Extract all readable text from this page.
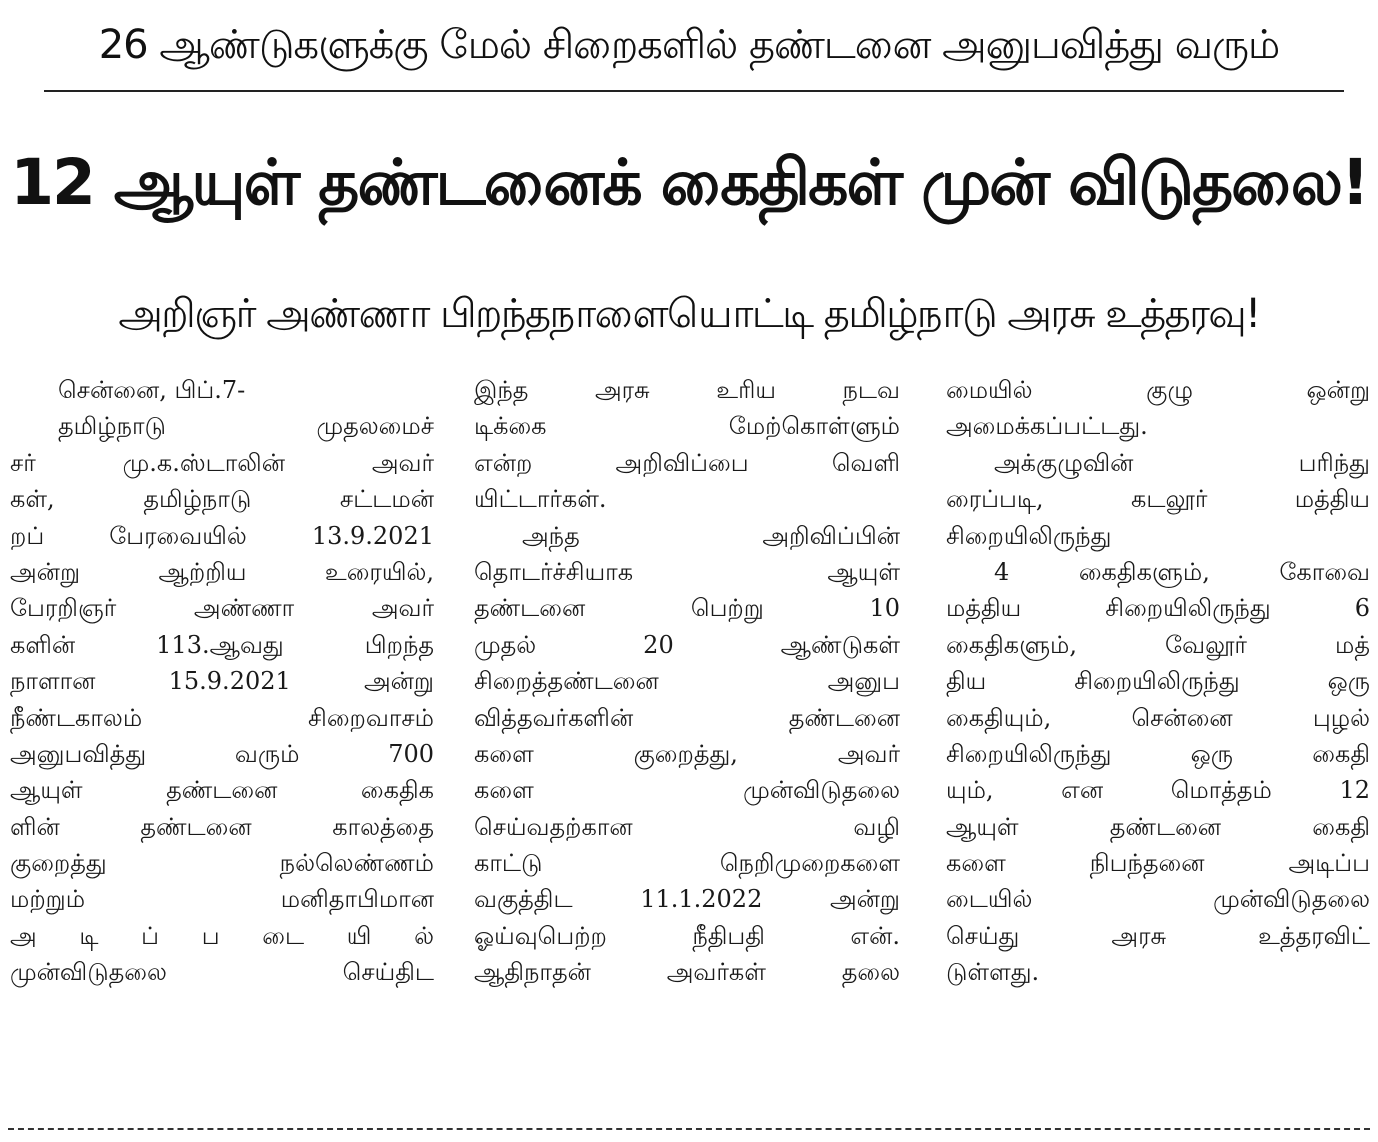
26 ஆண்டுகளுக்கு மேல் சிறைகளில் தண்டனை அனுபவித்து வரும்
12 ஆயுள் தண்டனைக் கைதிகள் முன் விடுதலை!
அறிஞர் அண்ணா பிறந்தநாளையொட்டி தமிழ்நாடு அரசு உத்தரவு!
சென்னை, பிப்.7-
தமிழ்நாடு முதலமைச்
சர் மு.க.ஸ்டாலின் அவர்
கள், தமிழ்நாடு சட்டமன்
றப் பேரவையில் 13.9.2021
அன்று ஆற்றிய உரையில்,
பேரறிஞர் அண்ணா அவர்
களின் 113.ஆவது பிறந்த
நாளான 15.9.2021 அன்று
நீண்டகாலம் சிறைவாசம்
அனுபவித்து வரும் 700
ஆயுள் தண்டனை கைதிக
ளின் தண்டனை காலத்தை
குறைத்து நல்லெண்ணம்
மற்றும் மனிதாபிமான
அ டி ப் ப டை யி ல்
முன்விடுதலை செய்திட
இந்த அரசு உரிய நடவ
டிக்கை மேற்கொள்ளும்
என்ற அறிவிப்பை வெளி
யிட்டார்கள்.
அந்த அறிவிப்பின்
தொடர்ச்சியாக ஆயுள்
தண்டனை பெற்று 10
முதல் 20 ஆண்டுகள்
சிறைத்தண்டனை அனுப
வித்தவர்களின் தண்டனை
களை குறைத்து, அவர்
களை முன்விடுதலை
செய்வதற்கான வழி
காட்டு நெறிமுறைகளை
வகுத்திட 11.1.2022 அன்று
ஓய்வுபெற்ற நீதிபதி என்.
ஆதிநாதன் அவர்கள் தலை
மையில் குழு ஒன்று
அமைக்கப்பட்டது.
அக்குழுவின் பரிந்து
ரைப்படி, கடலூர் மத்திய
சிறையிலிருந்து
4 கைதிகளும், கோவை
மத்திய சிறையிலிருந்து 6
கைதிகளும், வேலூர் மத்
திய சிறையிலிருந்து ஒரு
கைதியும், சென்னை புழல்
சிறையிலிருந்து ஒரு கைதி
யும், என மொத்தம் 12
ஆயுள் தண்டனை கைதி
களை நிபந்தனை அடிப்ப
டையில் முன்விடுதலை
செய்து அரசு உத்தரவிட்
டுள்ளது.
